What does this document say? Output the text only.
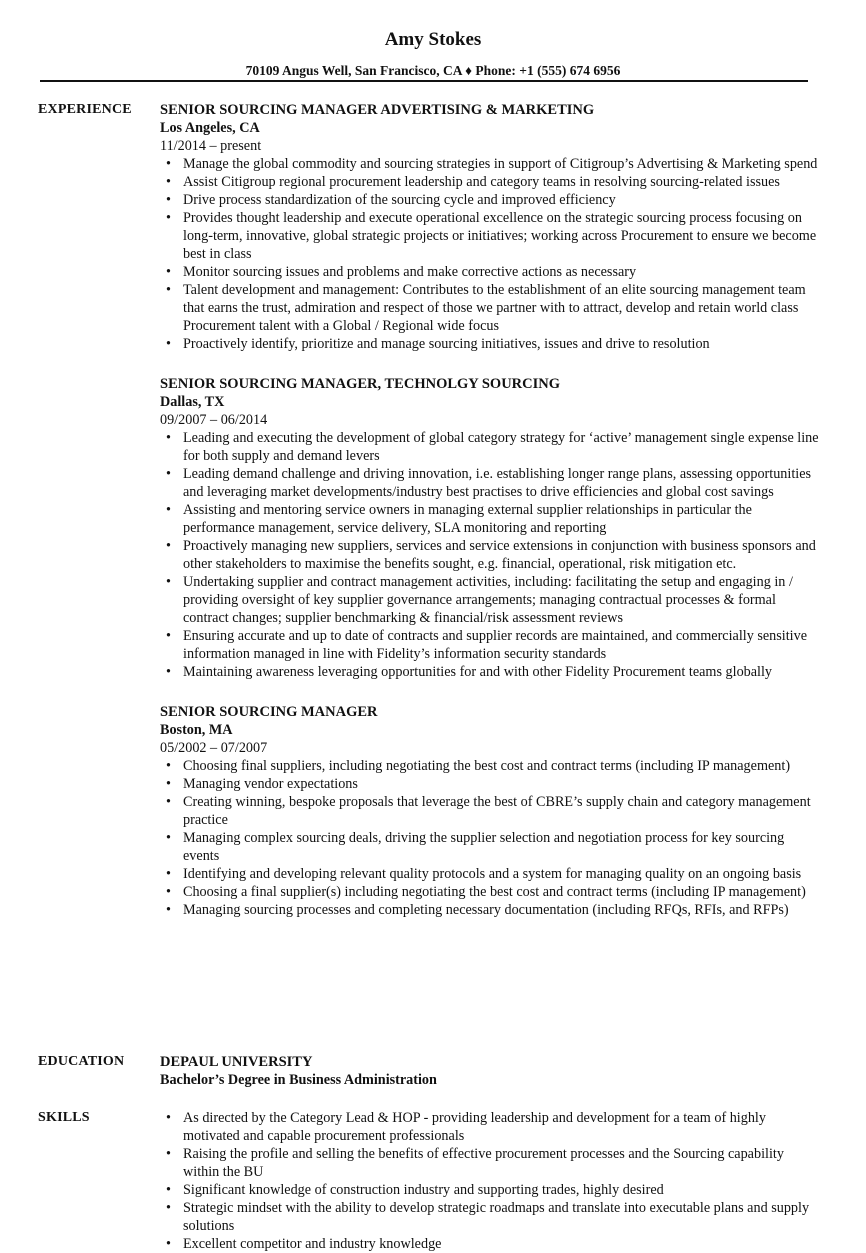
Amy Stokes
70109 Angus Well, San Francisco, CA ♦ Phone: +1 (555) 674 6956
EXPERIENCE SENIOR SOURCING MANAGER ADVERTISING & MARKETING
Los Angeles, CA
11/2014 – present
• Manage the global commodity and sourcing strategies in support of Citigroup’s Advertising & Marketing spend
• Assist Citigroup regional procurement leadership and category teams in resolving sourcing-related issues
• Drive process standardization of the sourcing cycle and improved efficiency
• Provides thought leadership and execute operational excellence on the strategic sourcing process focusing on long-term, innovative, global strategic projects or initiatives; working across Procurement to ensure we become best in class
• Monitor sourcing issues and problems and make corrective actions as necessary
• Talent development and management: Contributes to the establishment of an elite sourcing management team that earns the trust, admiration and respect of those we partner with to attract, develop and retain world class Procurement talent with a Global / Regional wide focus
• Proactively identify, prioritize and manage sourcing initiatives, issues and drive to resolution
SENIOR SOURCING MANAGER, TECHNOLGY SOURCING
Dallas, TX
09/2007 – 06/2014
• Leading and executing the development of global category strategy for ‘active’ management single expense line for both supply and demand levers
• Leading demand challenge and driving innovation, i.e. establishing longer range plans, assessing opportunities and leveraging market developments/industry best practises to drive efficiencies and global cost savings
• Assisting and mentoring service owners in managing external supplier relationships in particular the performance management, service delivery, SLA monitoring and reporting
• Proactively managing new suppliers, services and service extensions in conjunction with business sponsors and other stakeholders to maximise the benefits sought, e.g. financial, operational, risk mitigation etc.
• Undertaking supplier and contract management activities, including: facilitating the setup and engaging in / providing oversight of key supplier governance arrangements; managing contractual processes & formal contract changes; supplier benchmarking & financial/risk assessment reviews
• Ensuring accurate and up to date of contracts and supplier records are maintained, and commercially sensitive information managed in line with Fidelity’s information security standards
• Maintaining awareness leveraging opportunities for and with other Fidelity Procurement teams globally
SENIOR SOURCING MANAGER
Boston, MA
05/2002 – 07/2007
• Choosing final suppliers, including negotiating the best cost and contract terms (including IP management)
• Managing vendor expectations
• Creating winning, bespoke proposals that leverage the best of CBRE’s supply chain and category management practice
• Managing complex sourcing deals, driving the supplier selection and negotiation process for key sourcing events
• Identifying and developing relevant quality protocols and a system for managing quality on an ongoing basis
• Choosing a final supplier(s) including negotiating the best cost and contract terms (including IP management)
• Managing sourcing processes and completing necessary documentation (including RFQs, RFIs, and RFPs)
EDUCATION DEPAUL UNIVERSITY
Bachelor’s Degree in Business Administration
SKILLS
•	As directed by the Category Lead & HOP - providing leadership and development for a team of highly motivated and capable procurement professionals
• Raising the profile and selling the benefits of effective procurement processes and the Sourcing capability within the BU
• Significant knowledge of construction industry and supporting trades, highly desired
• Strategic mindset with the ability to develop strategic roadmaps and translate into executable plans and supply solutions
• Excellent competitor and industry knowledge
